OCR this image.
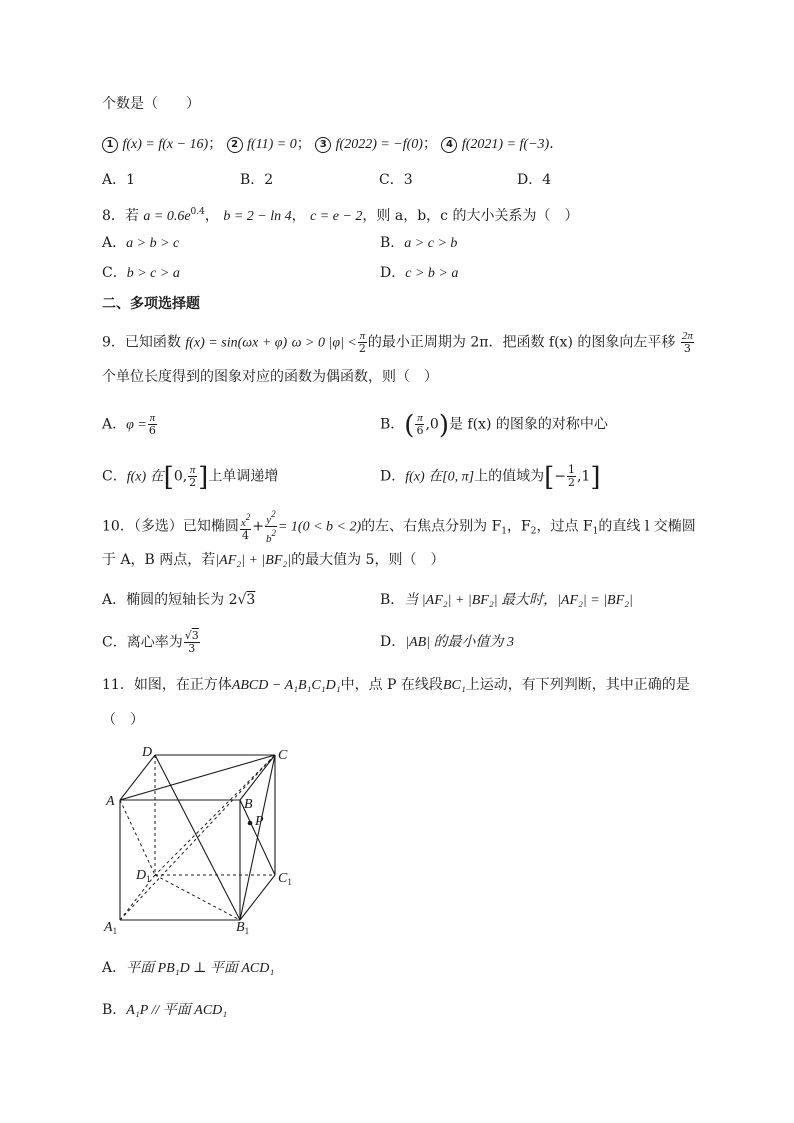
个数是（　　）
1 f(x) = f(x − 16)； 2 f(11) = 0； 3 f(2022) = −f(0)； 4 f(2021) = f(−3).
A．1	B．2	C．3	D．4
8．若 $a = 0.6e^{0.4}$， b = 2 − ln 4， c = e − 2，则 a，b，c 的大小关系为（　）
A．a > b > c	B．a > c > b
C．b > c > a	D．c > b > a
二、多项选择题
9．已知函数 f(x) = sin(ωx + φ) ω > 0 $|\varphi| < \frac{\pi}{2}$ 的最小正周期为 2π．把函数 f(x) 的图象向左平移 $\frac{2\pi}{3}$
个单位长度得到的图象对应的函数为偶函数，则（　）
A．$\varphi = \frac{\pi}{6}$	B．( $\frac{\pi}{6} ,0$)是 f(x) 的图象的对称中心
C．f(x) 在[0, $\frac{\pi}{2}$ ]上单调递增	D．f(x) 在[0, π]上的值域为[− $\frac{1}{2} ,1$]
10．（多选）已知椭圆 $\frac{x^2}{4} + \frac{y^2}{b^2} = 1(0 < b < 2)$的左、右焦点分别为 $F_1$，$F_2$，过点 $F_1$的直线 l 交椭圆
于 A，B 两点，若|AF₂| + |BF₂|的最大值为 5，则（　）
A．椭圆的短轴长为 2√3	B．当 |AF₂| + |BF₂| 最大时，|AF₂| = |BF₂|
C．离心率为 $\frac{√3}{3}$	D．|AB| 的最小值为 3
11．如图，在正方体ABCD − A₁B₁C₁D₁中，点 P 在线段BC₁上运动，有下列判断，其中正确的是
（　）
D	C
A	B
P
$D_1$	$C_1$
$A_1$	$B_1$
A．平面 PB₁D ⊥ 平面 ACD₁
B．A₁P // 平面 ACD₁
